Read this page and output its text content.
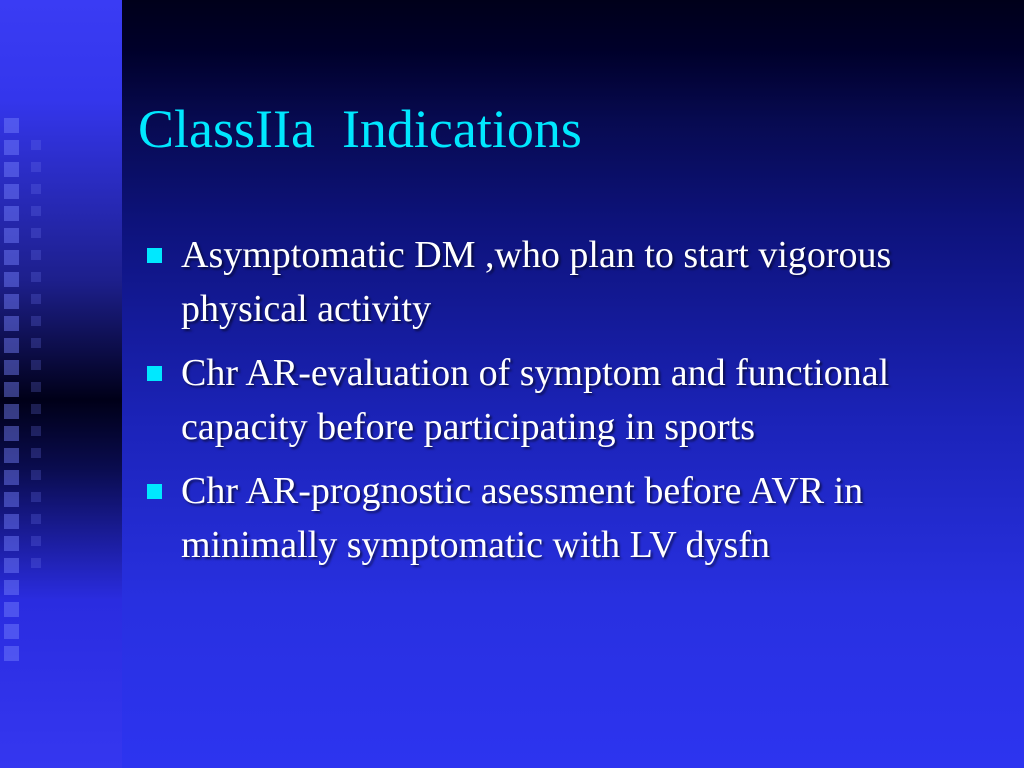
ClassIIa  Indications
Asymptomatic DM ,who plan to start vigorous physical activity
Chr AR-evaluation of symptom and functional capacity before participating in sports
Chr AR-prognostic asessment before AVR in minimally symptomatic with LV dysfn
